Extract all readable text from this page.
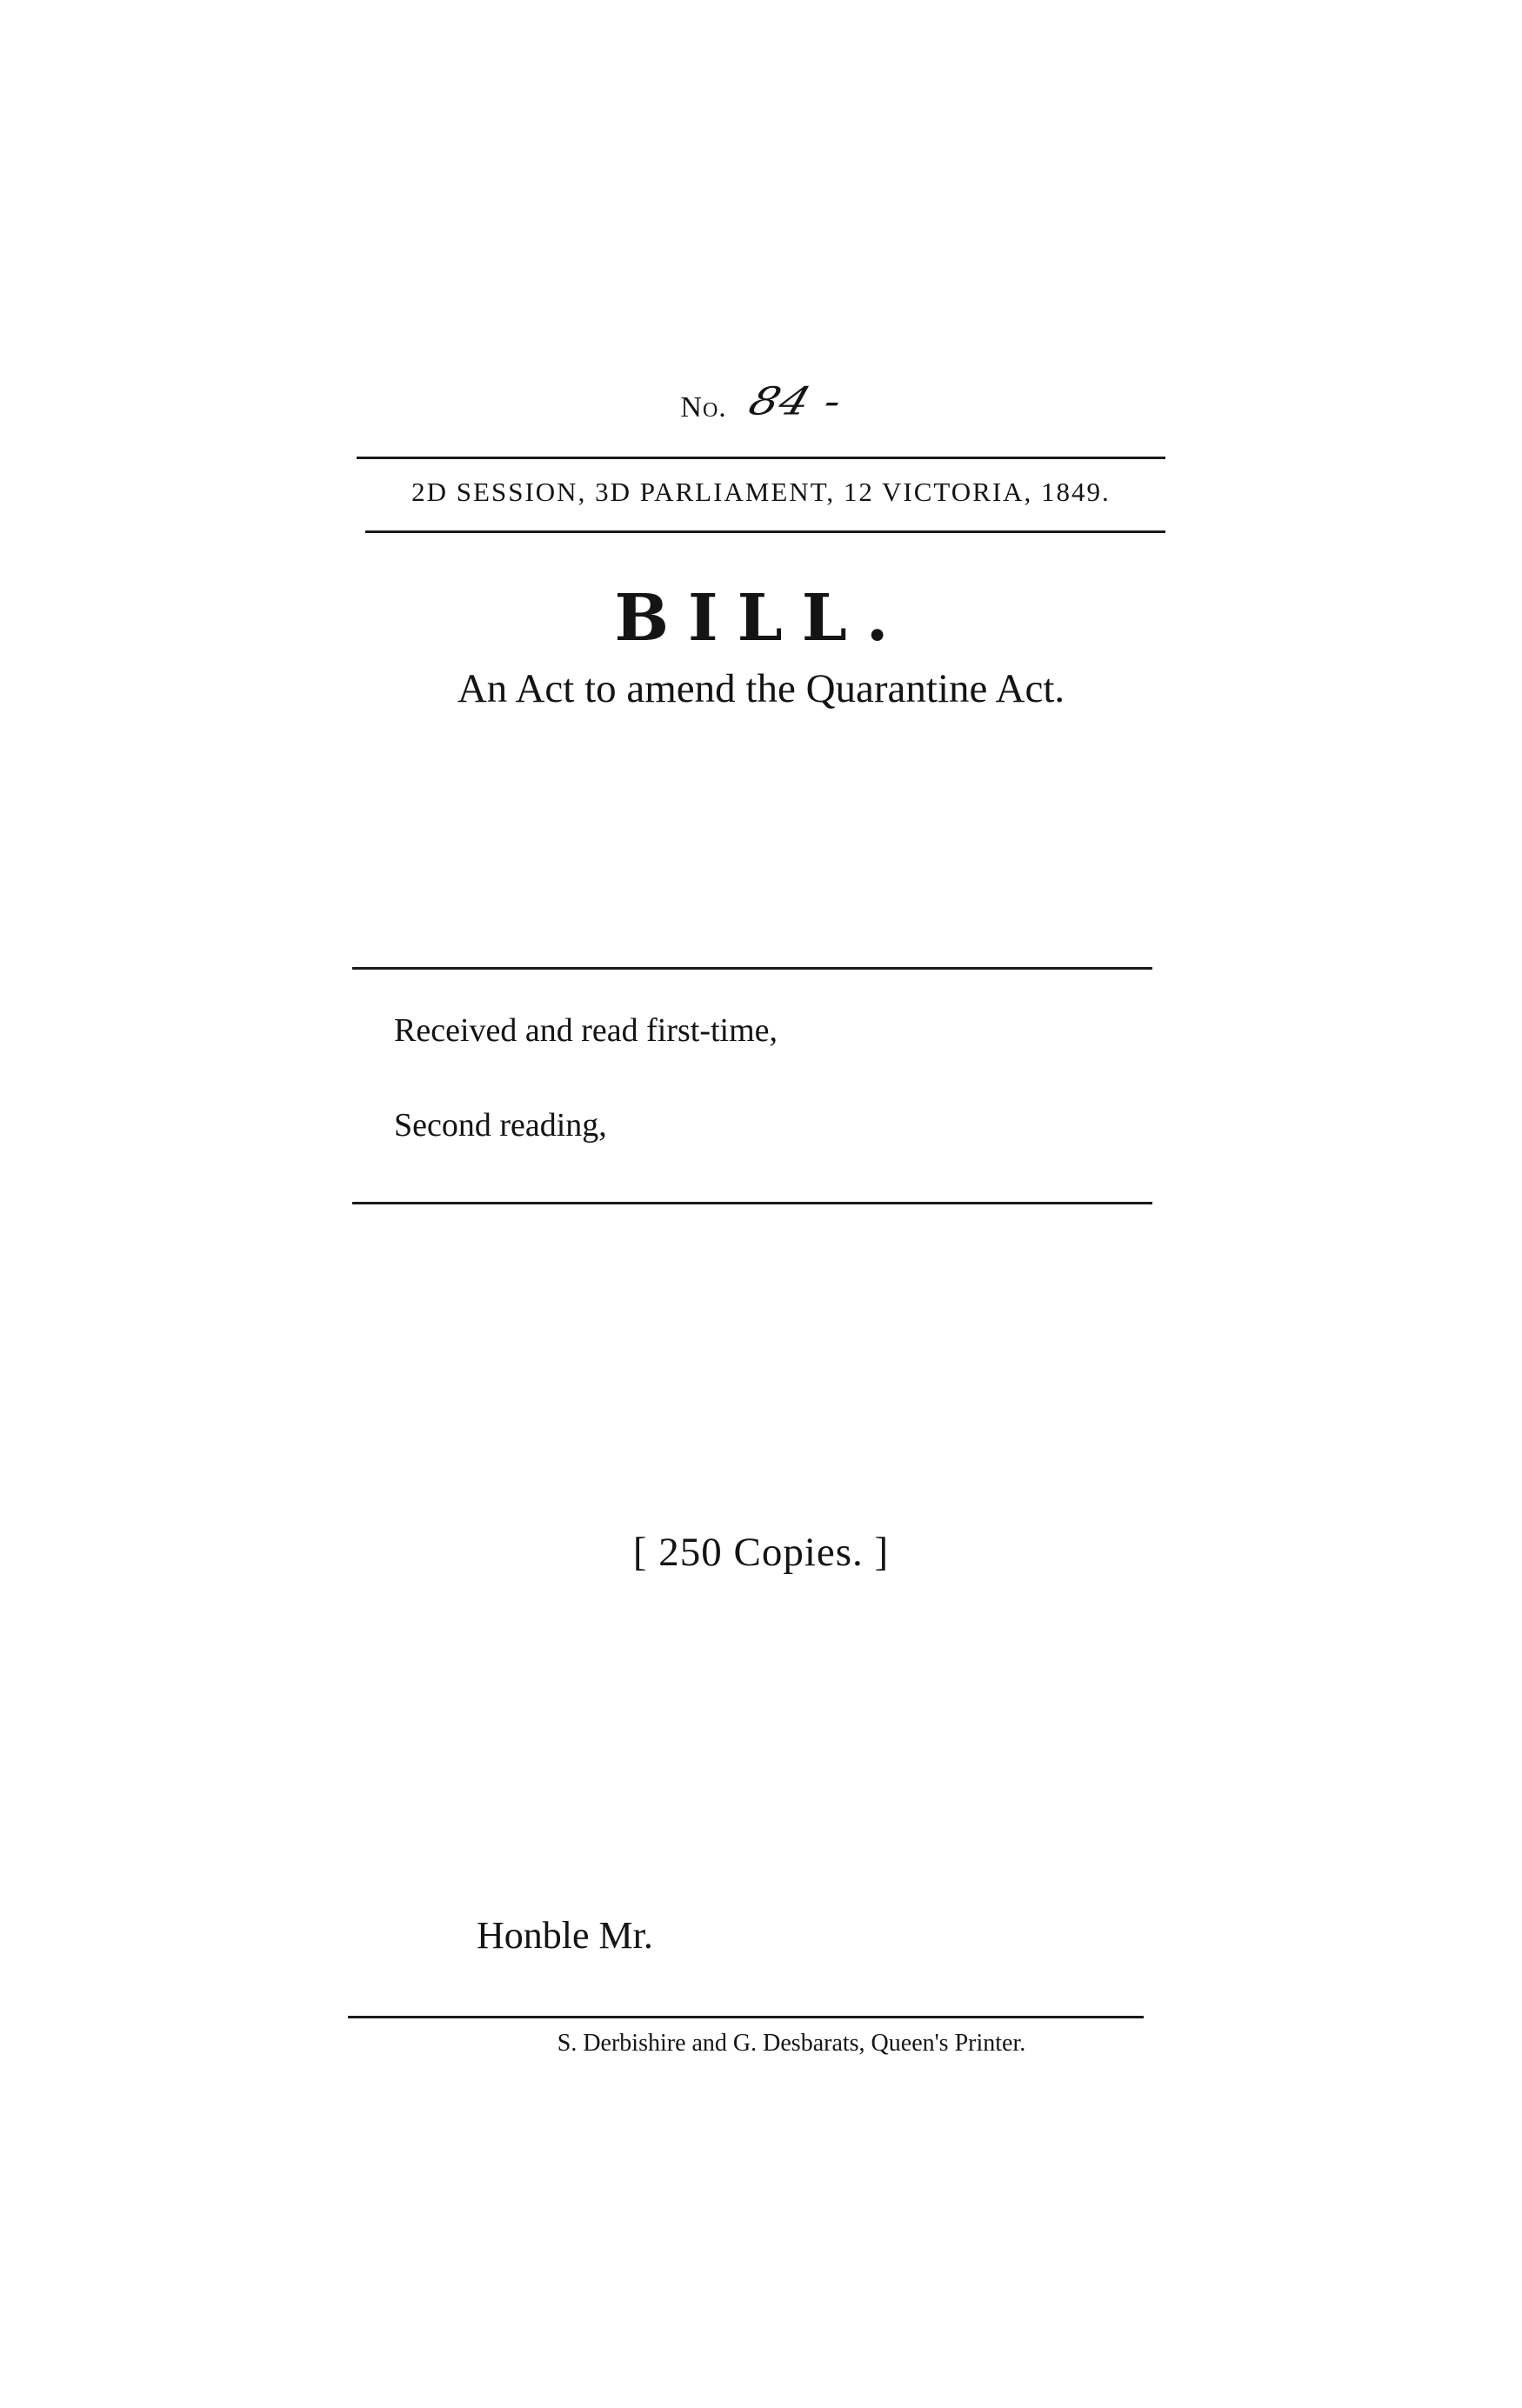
No. 84 -
2D SESSION, 3D PARLIAMENT, 12 VICTORIA, 1849.
BILL.
An Act to amend the Quarantine Act.
Received and read first-time,
Second reading,
[ 250 Copies. ]
Honble Mr.
S. Derbishire and G. Desbarats, Queen's Printer.
